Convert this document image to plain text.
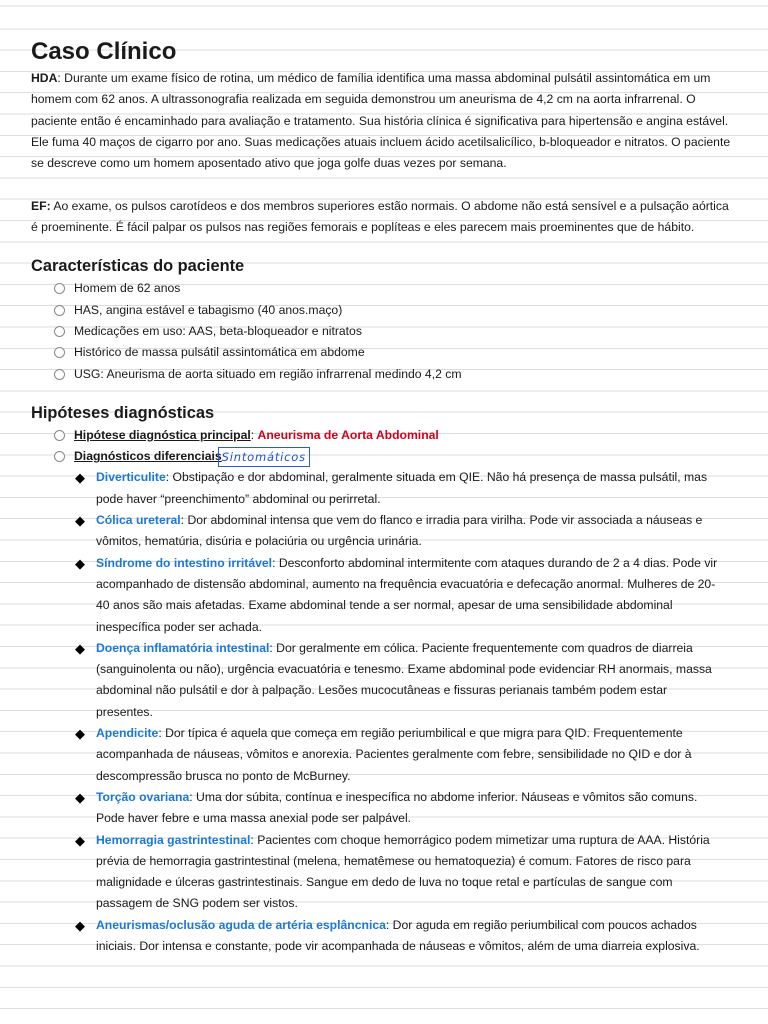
Caso Clínico

HDA: Durante um exame físico de rotina, um médico de família identifica uma massa abdominal pulsátil assintomática em um homem com 62 anos. A ultrassonografia realizada em seguida demonstrou um aneurisma de 4,2 cm na aorta infrarrenal. O paciente então é encaminhado para avaliação e tratamento. Sua história clínica é significativa para hipertensão e angina estável. Ele fuma 40 maços de cigarro por ano. Suas medicações atuais incluem ácido acetilsalicílico, b-bloqueador e nitratos. O paciente se descreve como um homem aposentado ativo que joga golfe duas vezes por semana.

EF: Ao exame, os pulsos carotídeos e dos membros superiores estão normais. O abdome não está sensível e a pulsação aórtica é proeminente. É fácil palpar os pulsos nas regiões femorais e poplíteas e eles parecem mais proeminentes que de hábito.

Características do paciente
Homem de 62 anos
HAS, angina estável e tabagismo (40 anos.maço)
Medicações em uso: AAS, beta-bloqueador e nitratos
Histórico de massa pulsátil assintomática em abdome
USG: Aneurisma de aorta situado em região infrarrenal medindo 4,2 cm
Hipóteses diagnósticas
Hipótese diagnóstica principal: Aneurisma de Aorta Abdominal
Diagnósticos diferenciaisSintomáticos
◆ Diverticulite: Obstipação e dor abdominal, geralmente situada em QIE. Não há presença de massa pulsátil, mas pode haver “preenchimento” abdominal ou perirretal.
◆ Cólica ureteral: Dor abdominal intensa que vem do flanco e irradia para virilha. Pode vir associada a náuseas e vômitos, hematúria, disúria e polaciúria ou urgência urinária.
◆ Síndrome do intestino irritável: Desconforto abdominal intermitente com ataques durando de 2 a 4 dias. Pode vir acompanhado de distensão abdominal, aumento na frequência evacuatória e defecação anormal. Mulheres de 20-40 anos são mais afetadas. Exame abdominal tende a ser normal, apesar de uma sensibilidade abdominal inespecífica poder ser achada.
◆ Doença inflamatória intestinal: Dor geralmente em cólica. Paciente frequentemente com quadros de diarreia (sanguinolenta ou não), urgência evacuatória e tenesmo. Exame abdominal pode evidenciar RH anormais, massa abdominal não pulsátil e dor à palpação. Lesões mucocutâneas e fissuras perianais também podem estar presentes.
◆ Apendicite: Dor típica é aquela que começa em região periumbilical e que migra para QID. Frequentemente acompanhada de náuseas, vômitos e anorexia. Pacientes geralmente com febre, sensibilidade no QID e dor à descompressão brusca no ponto de McBurney.
◆ Torção ovariana: Uma dor súbita, contínua e inespecífica no abdome inferior. Náuseas e vômitos são comuns. Pode haver febre e uma massa anexial pode ser palpável.
◆ Hemorragia gastrintestinal: Pacientes com choque hemorrágico podem mimetizar uma ruptura de AAA. História prévia de hemorragia gastrintestinal (melena, hematêmese ou hematoquezia) é comum. Fatores de risco para malignidade e úlceras gastrintestinais. Sangue em dedo de luva no toque retal e partículas de sangue com passagem de SNG podem ser vistos.
◆ Aneurismas/oclusão aguda de artéria esplâncnica: Dor aguda em região periumbilical com poucos achados iniciais. Dor intensa e constante, pode vir acompanhada de náuseas e vômitos, além de uma diarreia explosiva.
